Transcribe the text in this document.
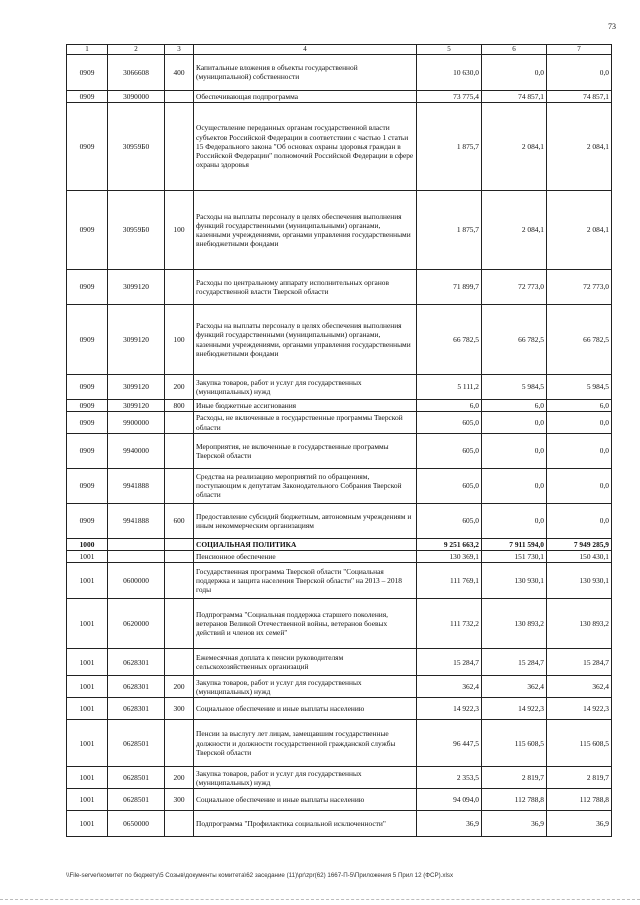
73
1	2	3	4	5	6	7
0909	3066608	400	Капитальные вложения в объекты государственной (муниципальной) собственности	10 630,0	0,0	0,0
0909	3090000		Обеспечивающая подпрограмма	73 775,4	74 857,1	74 857,1
0909	30959Б0		Осуществление переданных органам государственной власти субъектов Российской Федерации в соответствии с частью 1 статьи 15 Федерального закона "Об основах охраны здоровья граждан в Российской Федерации" полномочий Российской Федерации в сфере охраны здоровья	1 875,7	2 084,1	2 084,1
0909	30959Б0	100	Расходы на выплаты персоналу в целях обеспечения выполнения функций государственными (муниципальными) органами, казенными учреждениями, органами управления государственными внебюджетными фондами	1 875,7	2 084,1	2 084,1
0909	3099120		Расходы по центральному аппарату исполнительных органов государственной власти Тверской области	71 899,7	72 773,0	72 773,0
0909	3099120	100	Расходы на выплаты персоналу в целях обеспечения выполнения функций государственными (муниципальными) органами, казенными учреждениями, органами управления государственными внебюджетными фондами	66 782,5	66 782,5	66 782,5
0909	3099120	200	Закупка товаров, работ и услуг для государственных (муниципальных) нужд	5 111,2	5 984,5	5 984,5
0909	3099120	800	Иные бюджетные ассигнования	6,0	6,0	6,0
0909	9900000		Расходы, не включенные в государственные программы Тверской области	605,0	0,0	0,0
0909	9940000		Мероприятия, не включенные в государственные программы Тверской области	605,0	0,0	0,0
0909	9941888		Средства на реализацию мероприятий по обращениям, поступающим к депутатам Законодательного Собрания Тверской области	605,0	0,0	0,0
0909	9941888	600	Предоставление субсидий бюджетным, автономным учреждениям и иным некоммерческим организациям	605,0	0,0	0,0
1000			СОЦИАЛЬНАЯ ПОЛИТИКА	9 251 663,2	7 911 594,0	7 949 285,9
1001			Пенсионное обеспечение	130 369,1	151 730,1	150 430,1
1001	0600000		Государственная программа Тверской области "Социальная поддержка и защита населения Тверской области" на 2013 – 2018 годы	111 769,1	130 930,1	130 930,1
1001	0620000		Подпрограмма "Социальная поддержка старшего поколения, ветеранов Великой Отечественной войны, ветеранов боевых действий и членов их семей"	111 732,2	130 893,2	130 893,2
1001	0628301		Ежемесячная доплата к пенсии руководителям сельскохозяйственных организаций	15 284,7	15 284,7	15 284,7
1001	0628301	200	Закупка товаров, работ и услуг для государственных (муниципальных) нужд	362,4	362,4	362,4
1001	0628301	300	Социальное обеспечение и иные выплаты населению	14 922,3	14 922,3	14 922,3
1001	0628501		Пенсии за выслугу лет лицам, замещавшим государственные должности и должности государственной гражданской службы Тверской области	96 447,5	115 608,5	115 608,5
1001	0628501	200	Закупка товаров, работ и услуг для государственных (муниципальных) нужд	2 353,5	2 819,7	2 819,7
1001	0628501	300	Социальное обеспечение и иные выплаты населению	94 094,0	112 788,8	112 788,8
1001	0650000		Подпрограмма "Профилактика социальной исключенности"	36,9	36,9	36,9
\\File-server\комитет по бюджету\5 Созыв\документы комитета\62 заседание (11)\pr\zpr(62) 1667-П-5\Приложения 5 Прил 12 (ФСР).xlsx
